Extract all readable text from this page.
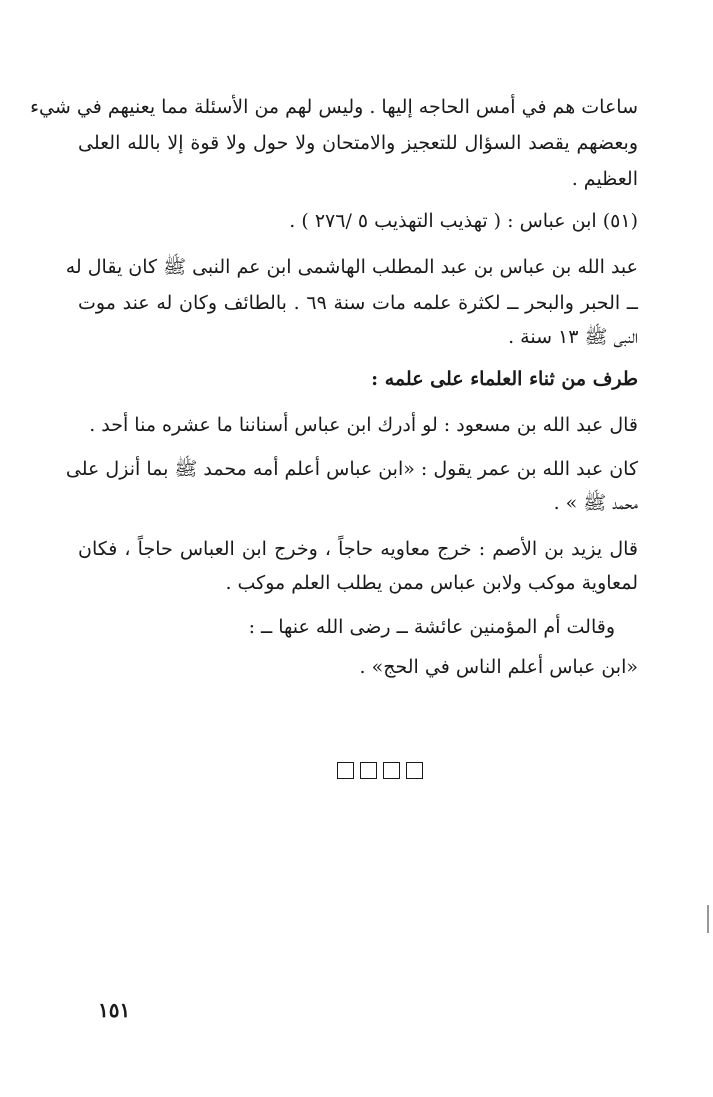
ساعات هم في أمس الحاجه إليها . وليس لهم من الأسئلة مما يعنيهم في شيء
وبعضهم يقصد السؤال للتعجيز والامتحان ولا حول ولا قوة إلا بالله العلى
العظيم .
(٥١) ابن عباس : ( تهذيب التهذيب ٥ /٢٧٦ ) .
عبد الله بن عباس بن عبد المطلب الهاشمى ابن عم النبى ﷺ كان يقال له
ــ الحبر والبحر ــ لكثرة علمه مات سنة ٦٩ . بالطائف وكان له عند موت
النبى ﷺ ١٣ سنة .
طرف من ثناء العلماء على علمه :
قال عبد الله بن مسعود : لو أدرك ابن عباس أسناننا ما عشره منا أحد .
كان عبد الله بن عمر يقول : «ابن عباس أعلم أمه محمد ﷺ بما أنزل على
محمد ﷺ » .
قال يزيد بن الأصم : خرج معاويه حاجاً ، وخرج ابن العباس حاجاً ، فكان
لمعاوية موكب ولابن عباس ممن يطلب العلم موكب .
وقالت أم المؤمنين عائشة ــ رضى الله عنها ــ :
«ابن عباس أعلم الناس في الحج» .
١٥١
